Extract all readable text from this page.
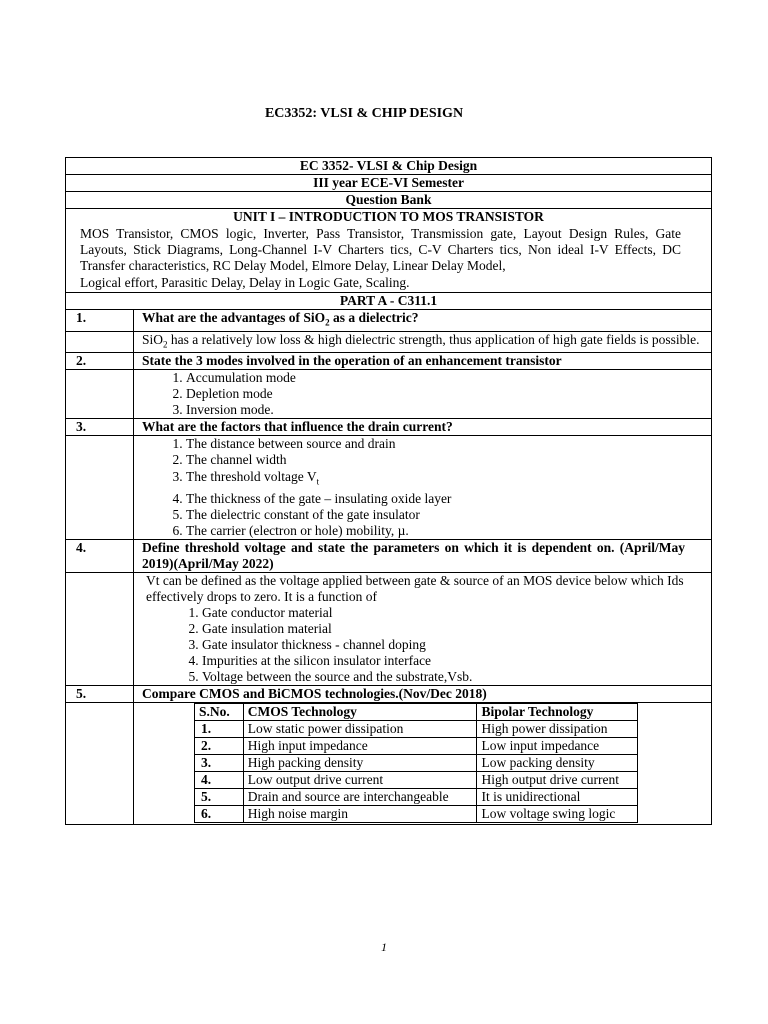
EC3352: VLSI & CHIP DESIGN
EC 3352- VLSI & Chip Design
III year ECE-VI Semester
Question Bank

UNIT I – INTRODUCTION TO MOS TRANSISTOR
MOS Transistor, CMOS logic, Inverter, Pass Transistor, Transmission gate, Layout Design Rules, Gate Layouts, Stick Diagrams, Long-Channel I-V Charters tics, C-V Charters tics, Non ideal I-V Effects, DC Transfer characteristics, RC Delay Model, Elmore Delay, Linear Delay Model,
Logical effort, Parasitic Delay, Delay in Logic Gate, Scaling.

PART A - C311.1
1.	What are the advantages of SiO$_2$ as a dielectric?
	SiO$_2$ has a relatively low loss & high dielectric strength, thus application of high gate fields is possible.
2.	State the 3 modes involved in the operation of an enhancement transistor

1. Accumulation mode
2. Depletion mode
3. Inversion mode.

3.	What are the factors that influence the drain current?

1. The distance between source and drain
2. The channel width
3. The threshold voltage $V_t$
4. The thickness of the gate – insulating oxide layer
5. The dielectric constant of the gate insulator
6. The carrier (electron or hole) mobility, µ.

4.	Define threshold voltage and state the parameters on which it is dependent on. (April/May 2019)(April/May 2022)

Vt can be defined as the voltage applied between gate & source of an MOS device below which Ids effectively drops to zero. It is a function of
1. Gate conductor material
2. Gate insulation material
3. Gate insulator thickness - channel doping
4. Impurities at the silicon insulator interface
5. Voltage between the source and the substrate,Vsb.

5.	Compare CMOS and BiCMOS technologies.(Nov/Dec 2018)

S.No.	CMOS Technology	Bipolar Technology
1.	Low static power dissipation	High power dissipation
2.	High input impedance	Low input impedance
3.	High packing density	Low packing density
4.	Low output drive current	High output drive current
5.	Drain and source are interchangeable	It is unidirectional
6.	High noise margin	Low voltage swing logic
1
